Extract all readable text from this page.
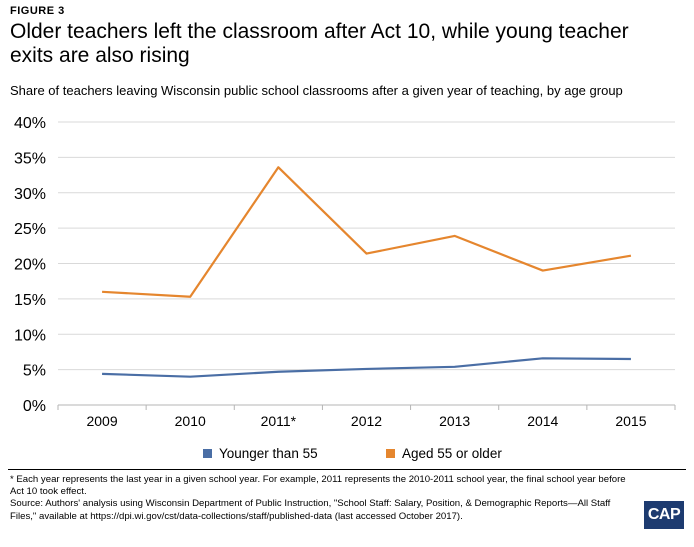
FIGURE 3
Older teachers left the classroom after Act 10, while young teacher exits are also rising
Share of teachers leaving Wisconsin public school classrooms after a given year of teaching, by age group
0%
5%
10%
15%
20%
25%
30%
35%
40%
2009	2010	2011*	2012	2013	2014	2015
Younger than 55	Aged 55 or older

* Each year represents the last year in a given school year. For example, 2011 represents the 2010-2011 school year, the final school year before Act 10 took effect.

Source: Authors' analysis using Wisconsin Department of Public Instruction, "School Staff: Salary, Position, & Demographic Reports—All Staff Files," available at https://dpi.wi.gov/cst/data-collections/staff/published-data (last accessed October 2017).	CAP
